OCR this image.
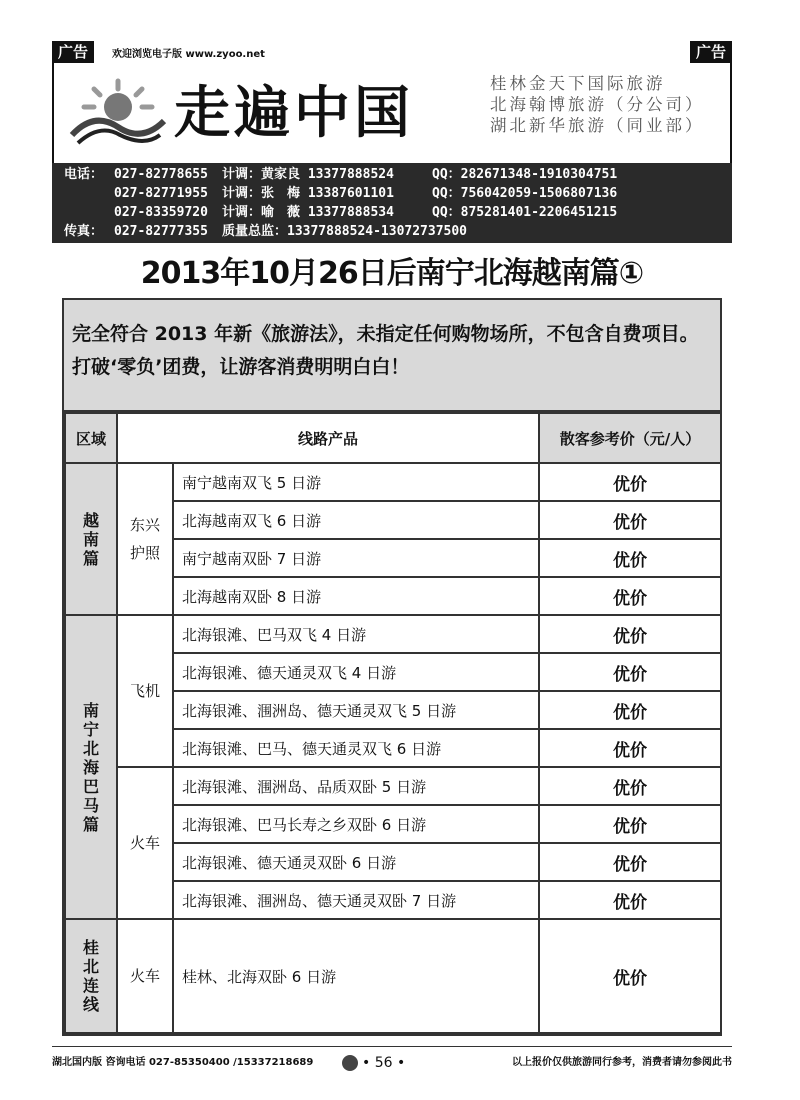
广告	欢迎浏览电子版 www.zyoo.net	广告
走遍中国	桂林金天下国际旅游
北海翰博旅游（分公司）
湖北新华旅游（同业部）
电话： 027-82778655 计调：黄家良 13377888524	QQ：282671348-1910304751
027-82771955 计调：张　梅 13387601101	QQ：756042059-1506807136
027-83359720 计调：喻　薇 13377888534	QQ：875281401-2206451215
传真： 027-82777355 质量总监：13377888524-13072737500
2013年10月26日后南宁北海越南篇①
完全符合 2013 年新《旅游法》，未指定任何购物场所，不包含自费项目。打破‘零负’团费，让游客消费明明白白！
区域	线路产品		散客参考价（元/人）
越南篇	东兴护照	南宁越南双飞 5 日游	优价
		北海越南双飞 6 日游	优价
		南宁越南双卧 7 日游	优价
		北海越南双卧 8 日游	优价
南宁北海巴马篇	飞机	北海银滩、巴马双飞 4 日游	优价
		北海银滩、德天通灵双飞 4 日游	优价
		北海银滩、涠洲岛、德天通灵双飞 5 日游	优价
		北海银滩、巴马、德天通灵双飞 6 日游	优价
	火车	北海银滩、涠洲岛、品质双卧 5 日游	优价
		北海银滩、巴马长寿之乡双卧 6 日游	优价
		北海银滩、德天通灵双卧 6 日游	优价
		北海银滩、涠洲岛、德天通灵双卧 7 日游	优价
桂北连线	火车	桂林、北海双卧 6 日游	优价
湖北国内版 咨询电话 027-85350400 /15337218689	• 56 •	以上报价仅供旅游同行参考，消费者请勿参阅此书
